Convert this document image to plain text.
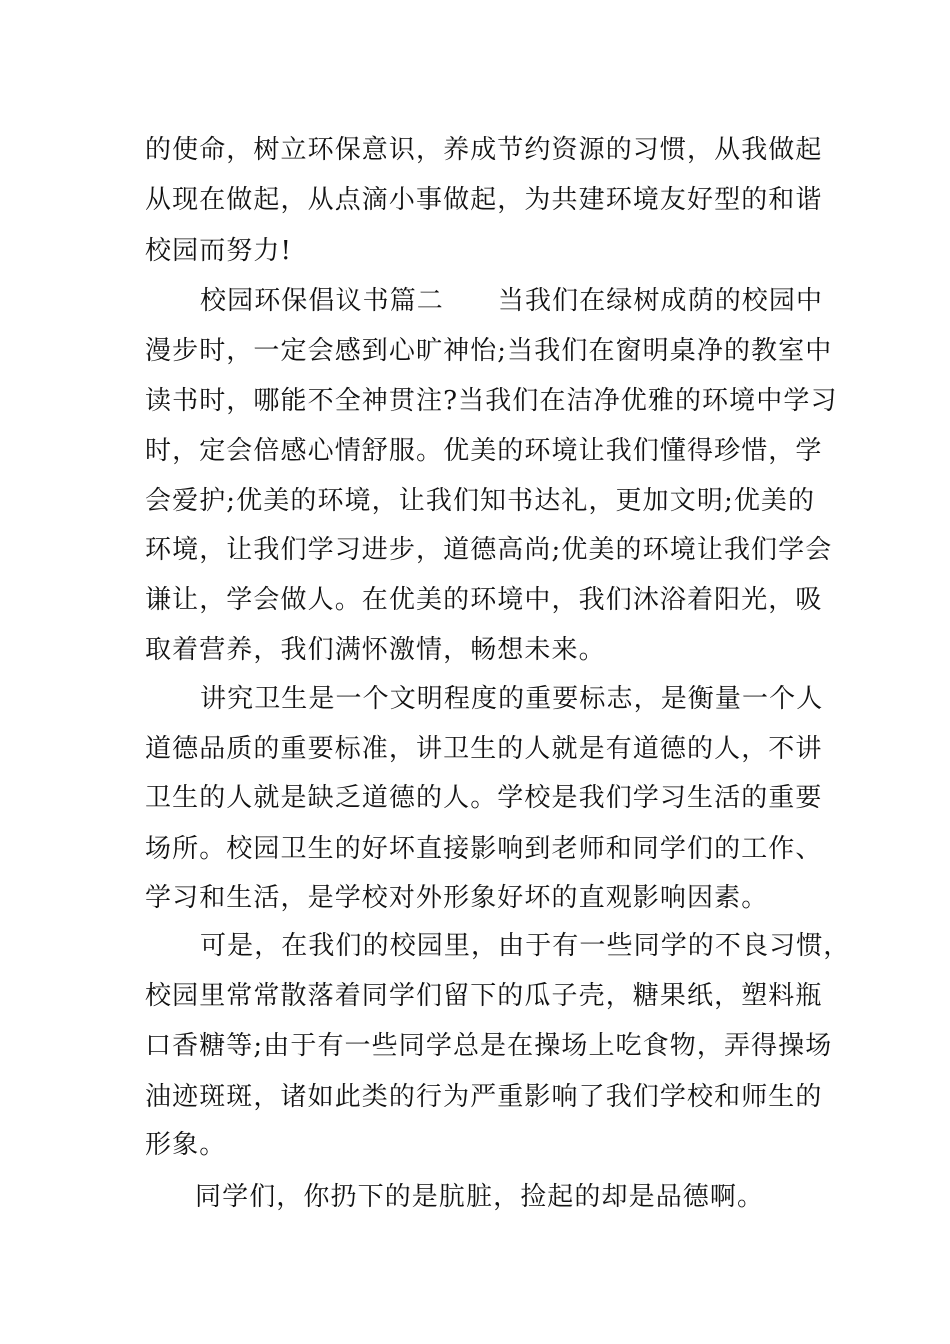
的使命，树立环保意识，养成节约资源的习惯，从我做起
从现在做起，从点滴小事做起，为共建环境友好型的和谐
校园而努力!
校园环保倡议书篇二 当我们在绿树成荫的校园中
漫步时，一定会感到心旷神怡;当我们在窗明桌净的教室中
读书时，哪能不全神贯注?当我们在洁净优雅的环境中学习
时，定会倍感心情舒服。优美的环境让我们懂得珍惜，学
会爱护;优美的环境，让我们知书达礼，更加文明;优美的
环境，让我们学习进步，道德高尚;优美的环境让我们学会
谦让，学会做人。在优美的环境中，我们沐浴着阳光，吸
取着营养，我们满怀激情，畅想未来。
讲究卫生是一个文明程度的重要标志，是衡量一个人
道德品质的重要标准，讲卫生的人就是有道德的人，不讲
卫生的人就是缺乏道德的人。学校是我们学习生活的重要
场所。校园卫生的好坏直接影响到老师和同学们的工作、
学习和生活，是学校对外形象好坏的直观影响因素。
可是，在我们的校园里，由于有一些同学的不良习惯，
校园里常常散落着同学们留下的瓜子壳，糖果纸，塑料瓶
口香糖等;由于有一些同学总是在操场上吃食物，弄得操场
油迹斑斑，诸如此类的行为严重影响了我们学校和师生的
形象。
同学们，你扔下的是肮脏，捡起的却是品德啊。
